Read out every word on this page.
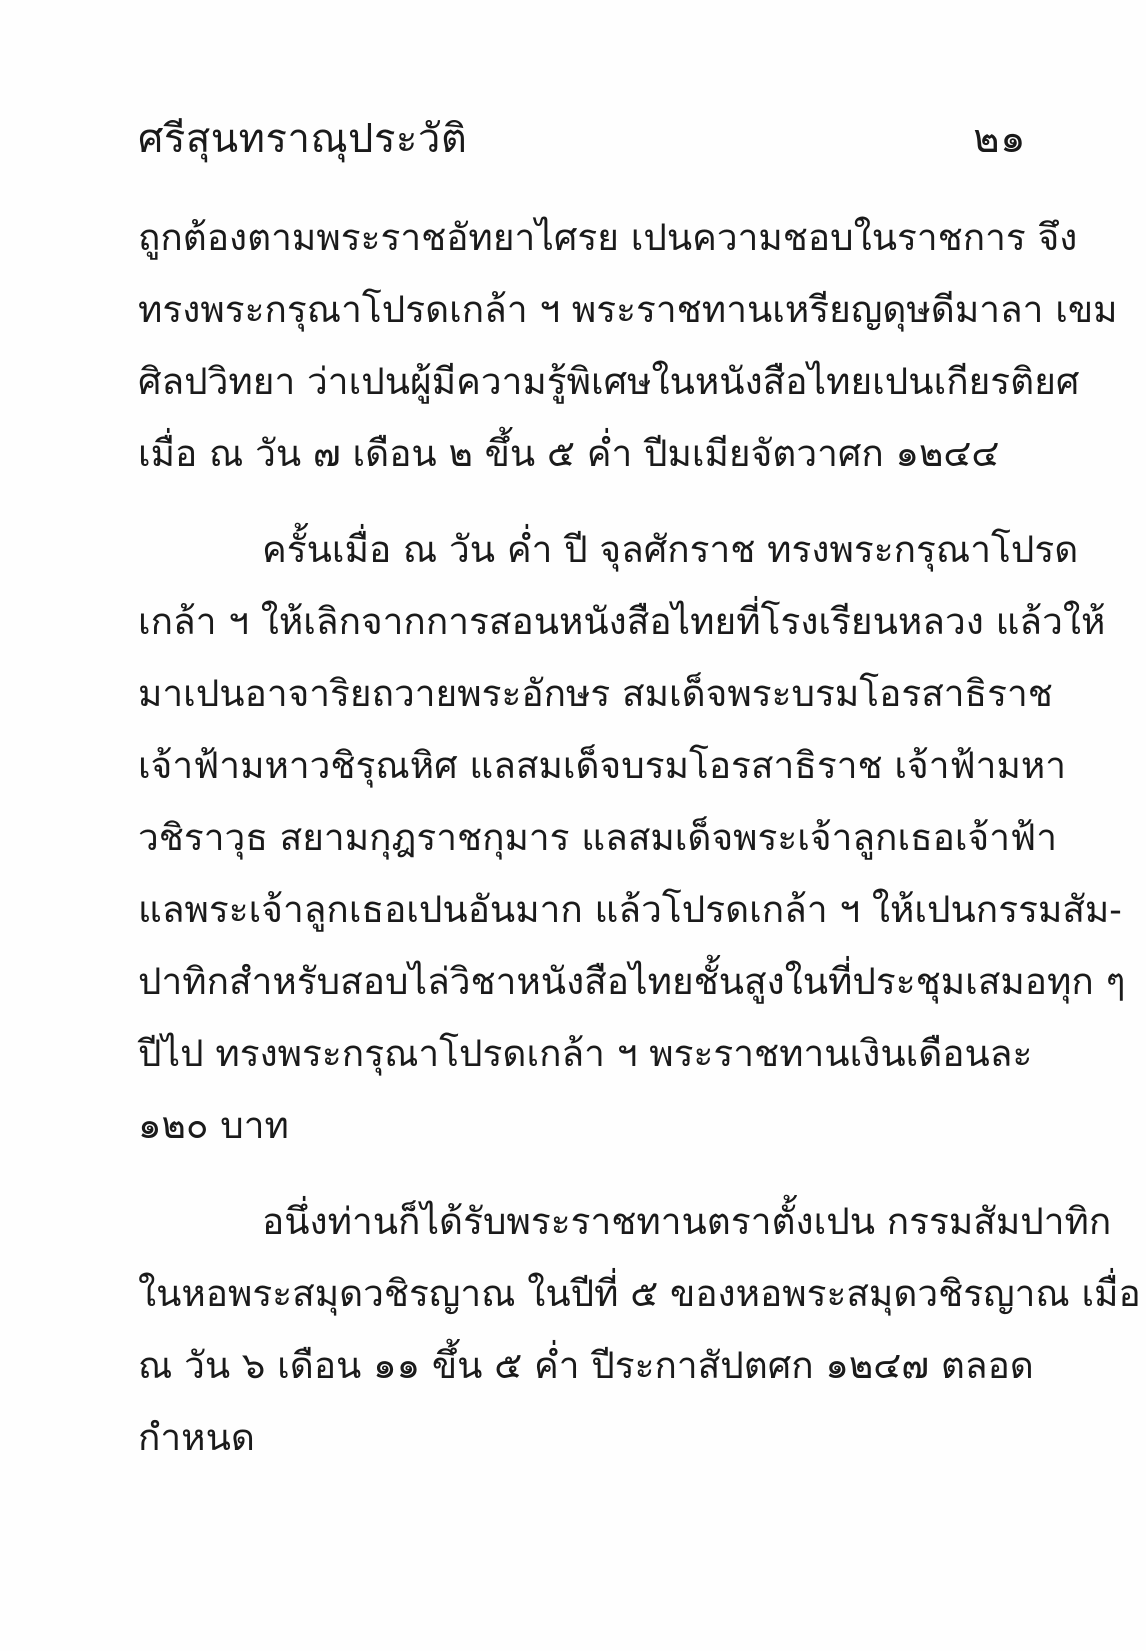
ศรีสุนทราณุประวัติ	๒๑
ถูกต้องตามพระราชอัทยาไศรย เปนความชอบในราชการ จึง
ทรงพระกรุณาโปรดเกล้า ฯ พระราชทานเหรียญดุษดีมาลา เขม
ศิลปวิทยา ว่าเปนผู้มีความรู้พิเศษในหนังสือไทยเปนเกียรติยศ
เมื่อ ณ วัน ๗ เดือน ๒ ขึ้น ๕ ค่ำ ปีมเมียจัตวาศก ๑๒๔๔
ครั้นเมื่อ ณ วัน ค่ำ ปี จุลศักราช ทรงพระกรุณาโปรด
เกล้า ฯ ให้เลิกจากการสอนหนังสือไทยที่โรงเรียนหลวง แล้วให้
มาเปนอาจาริยถวายพระอักษร สมเด็จพระบรมโอรสาธิราช
เจ้าฟ้ามหาวชิรุณหิศ แลสมเด็จบรมโอรสาธิราช เจ้าฟ้ามหา
วชิราวุธ สยามกุฎราชกุมาร แลสมเด็จพระเจ้าลูกเธอเจ้าฟ้า
แลพระเจ้าลูกเธอเปนอันมาก แล้วโปรดเกล้า ฯ ให้เปนกรรมสัม-
ปาทิกสำหรับสอบไล่วิชาหนังสือไทยชั้นสูงในที่ประชุมเสมอทุก ๆ
ปีไป ทรงพระกรุณาโปรดเกล้า ฯ พระราชทานเงินเดือนละ
๑๒๐ บาท
อนึ่งท่านก็ได้รับพระราชทานตราตั้งเปน กรรมสัมปาทิก
ในหอพระสมุดวชิรญาณ ในปีที่ ๕ ของหอพระสมุดวชิรญาณ เมื่อ
ณ วัน ๖ เดือน ๑๑ ขึ้น ๕ ค่ำ ปีระกาสัปตศก ๑๒๔๗ ตลอด
กำหนด
